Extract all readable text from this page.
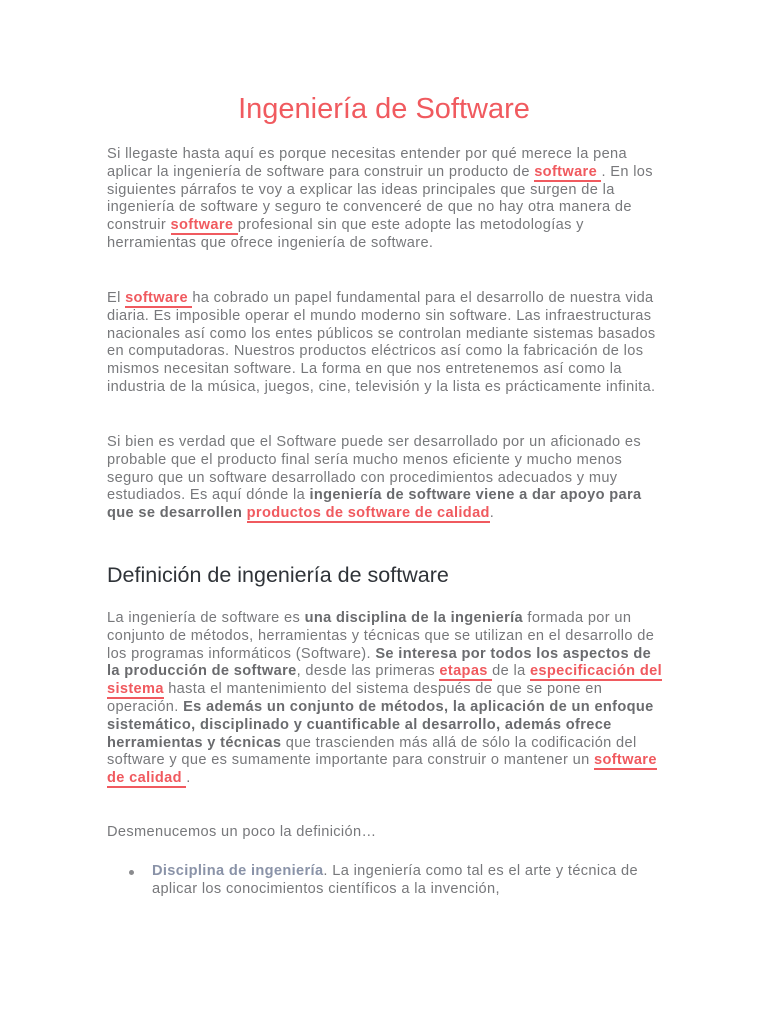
Ingeniería de Software

Si llegaste hasta aquí es porque necesitas entender por qué merece la pena aplicar la ingeniería de software para construir un producto de software . En los siguientes párrafos te voy a explicar las ideas principales que surgen de la ingeniería de software y seguro te convenceré de que no hay otra manera de construir software profesional sin que este adopte las metodologías y herramientas que ofrece ingeniería de software.

El software ha cobrado un papel fundamental para el desarrollo de nuestra vida diaria. Es imposible operar el mundo moderno sin software. Las infraestructuras nacionales así como los entes públicos se controlan mediante sistemas basados en computadoras. Nuestros productos eléctricos así como la fabricación de los mismos necesitan software. La forma en que nos entretenemos así como la industria de la música, juegos, cine, televisión y la lista es prácticamente infinita.

Si bien es verdad que el Software puede ser desarrollado por un aficionado es probable que el producto final sería mucho menos eficiente y mucho menos seguro que un software desarrollado con procedimientos adecuados y muy estudiados. Es aquí dónde la ingeniería de software viene a dar apoyo para que se desarrollen productos de software de calidad.

Definición de ingeniería de software

La ingeniería de software es una disciplina de la ingeniería formada por un conjunto de métodos, herramientas y técnicas que se utilizan en el desarrollo de los programas informáticos (Software). Se interesa por todos los aspectos de la producción de software, desde las primeras etapas de la especificación del sistema hasta el mantenimiento del sistema después de que se pone en operación. Es además un conjunto de métodos, la aplicación de un enfoque sistemático, disciplinado y cuantificable al desarrollo, además ofrece herramientas y técnicas que trascienden más allá de sólo la codificación del software y que es sumamente importante para construir o mantener un software de calidad .

Desmenucemos un poco la definición…

Disciplina de ingeniería. La ingeniería como tal es el arte y técnica de aplicar los conocimientos científicos a la invención,
